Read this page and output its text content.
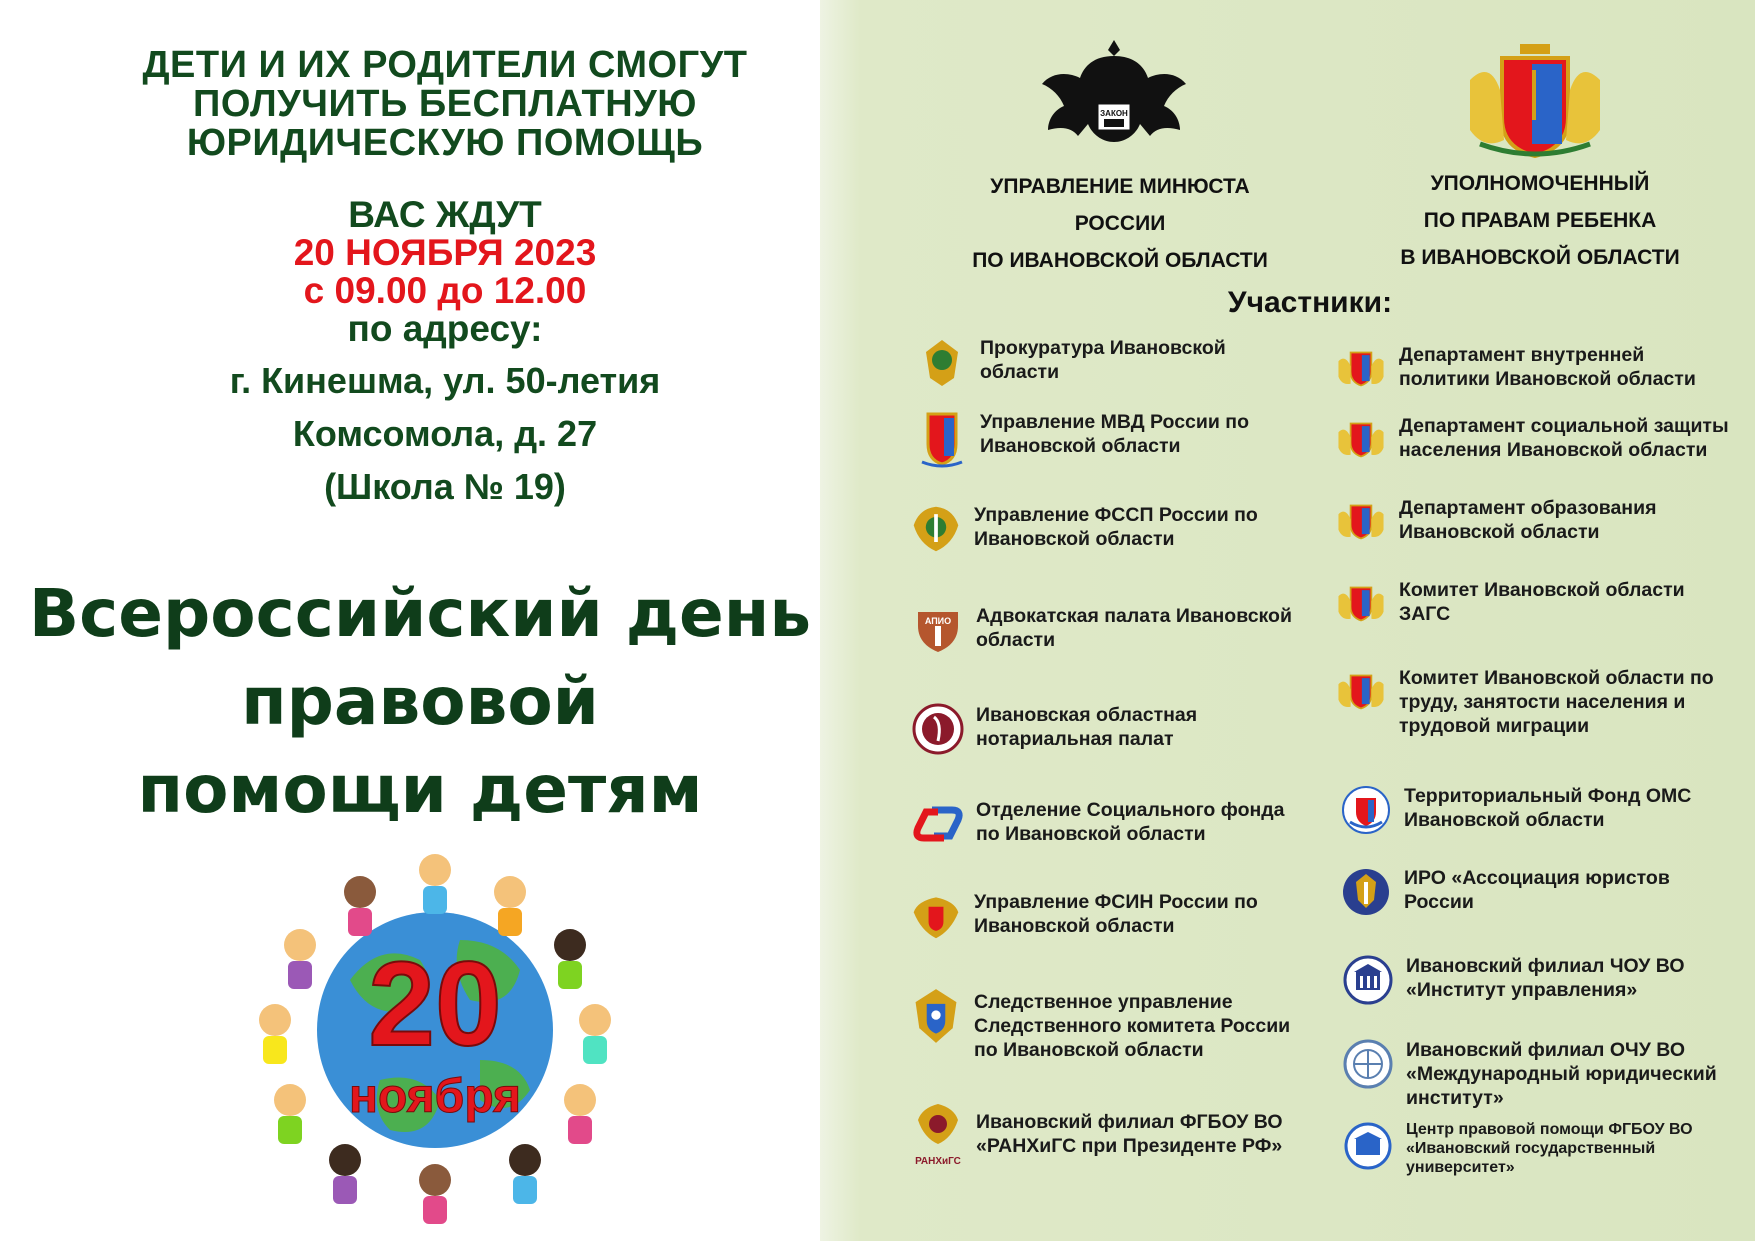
ДЕТИ И ИХ РОДИТЕЛИ СМОГУТ
ПОЛУЧИТЬ БЕСПЛАТНУЮ
ЮРИДИЧЕСКУЮ ПОМОЩЬ
ВАС ЖДУТ
20 НОЯБРЯ 2023
с 09.00 до 12.00
по адресу:
г. Кинешма, ул. 50-летия
Комсомола, д. 27
(Школа № 19)
Всероссийский день
правовой
помощи детям
20
ноября
ЗАКОН
УПРАВЛЕНИЕ МИНЮСТА
РОССИИ
ПО ИВАНОВСКОЙ ОБЛАСТИ
УПОЛНОМОЧЕННЫЙ
ПО ПРАВАМ РЕБЕНКА
В ИВАНОВСКОЙ ОБЛАСТИ
Участники:
Прокуратура Ивановской области
Управление МВД России по Ивановской области
Управление ФССП России по Ивановской области
АПИО Адвокатская палата Ивановской области
Ивановская областная нотариальная палат
Отделение Социального фонда по Ивановской области
Управление ФСИН России по Ивановской области
Следственное управление Следственного комитета России по Ивановской области
РАНХиГС
Ивановский филиал ФГБОУ ВО «РАНХиГС при Президенте РФ»
Департамент внутренней политики Ивановской области
Департамент социальной защиты населения Ивановской области
Департамент образования Ивановской области
Комитет Ивановской области ЗАГС
Комитет Ивановской области по труду, занятости населения и трудовой миграции
Территориальный Фонд ОМС Ивановской области
ИРО «Ассоциация юристов России
Ивановский филиал ЧОУ ВО «Институт управления»
Ивановский филиал ОЧУ ВО «Международный юридический институт»
Центр правовой помощи ФГБОУ ВО «Ивановский государственный университет»
